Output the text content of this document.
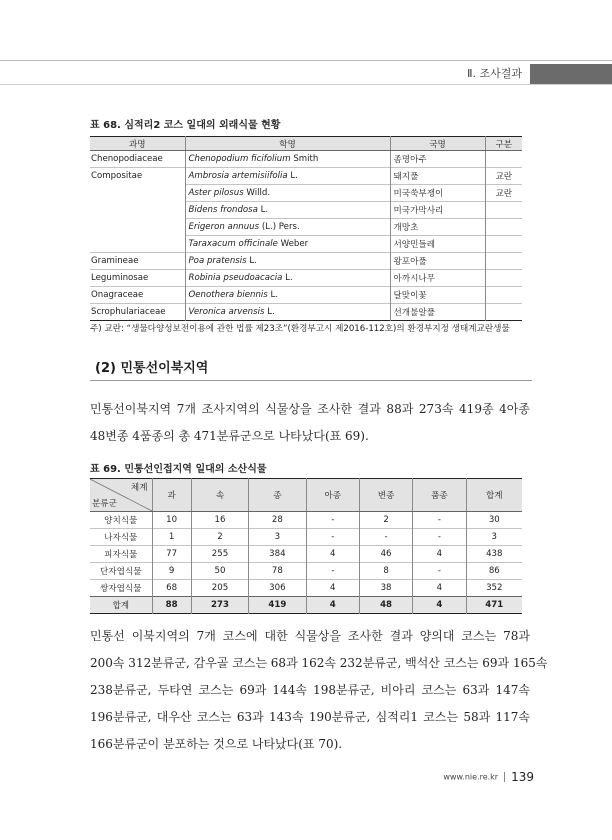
Ⅱ. 조사결과
표 68. 심적리2 코스 일대의 외래식물 현황
과명	학명	국명	구분
Chenopodiaceae	Chenopodium ficifolium Smith	좀명아주	
Compositae	Ambrosia artemisiifolia L.	돼지풀	교란
	Aster pilosus Willd.	미국쑥부쟁이	교란
	Bidens frondosa L.	미국가막사리	
	Erigeron annuus (L.) Pers.	개망초	
	Taraxacum officinale Weber	서양민들레	
Gramineae	Poa pratensis L.	왕포아풀	
Leguminosae	Robinia pseudoacacia L.	아까시나무	
Onagraceae	Oenothera biennis L.	달맞이꽃	
Scrophulariaceae	Veronica arvensis L.	선개불알풀	
주) 교란: “생물다양성보전이용에 관한 법률 제23조”(환경부고시 제2016-112호)의 환경부지정 생태계교란생물
(2) 민통선이북지역
민통선이북지역 7개 조사지역의 식물상을 조사한 결과 88과 273속 419종 4아종
48변종 4품종의 총 471분류군으로 나타났다(표 69).
표 69. 민통선인접지역 일대의 소산식물
체계
분류군	과	속	종	아종	변종	품종	합계
양치식물	10	16	28	-	2	-	30
나자식물	1	2	3	-	-	-	3
피자식물	77	255	384	4	46	4	438
단자엽식물	9	50	78	-	8	-	86
쌍자엽식물	68	205	306	4	38	4	352
합계	88	273	419	4	48	4	471
민통선 이북지역의 7개 코스에 대한 식물상을 조사한 결과 양의대 코스는 78과
200속 312분류군, 감우골 코스는 68과 162속 232분류군, 백석산 코스는 69과 165속
238분류군, 두타연 코스는 69과 144속 198분류군, 비아리 코스는 63과 147속
196분류군, 대우산 코스는 63과 143속 190분류군, 심적리1 코스는 58과 117속
166분류군이 분포하는 것으로 나타났다(표 70).
www.nie.re.kr 139
